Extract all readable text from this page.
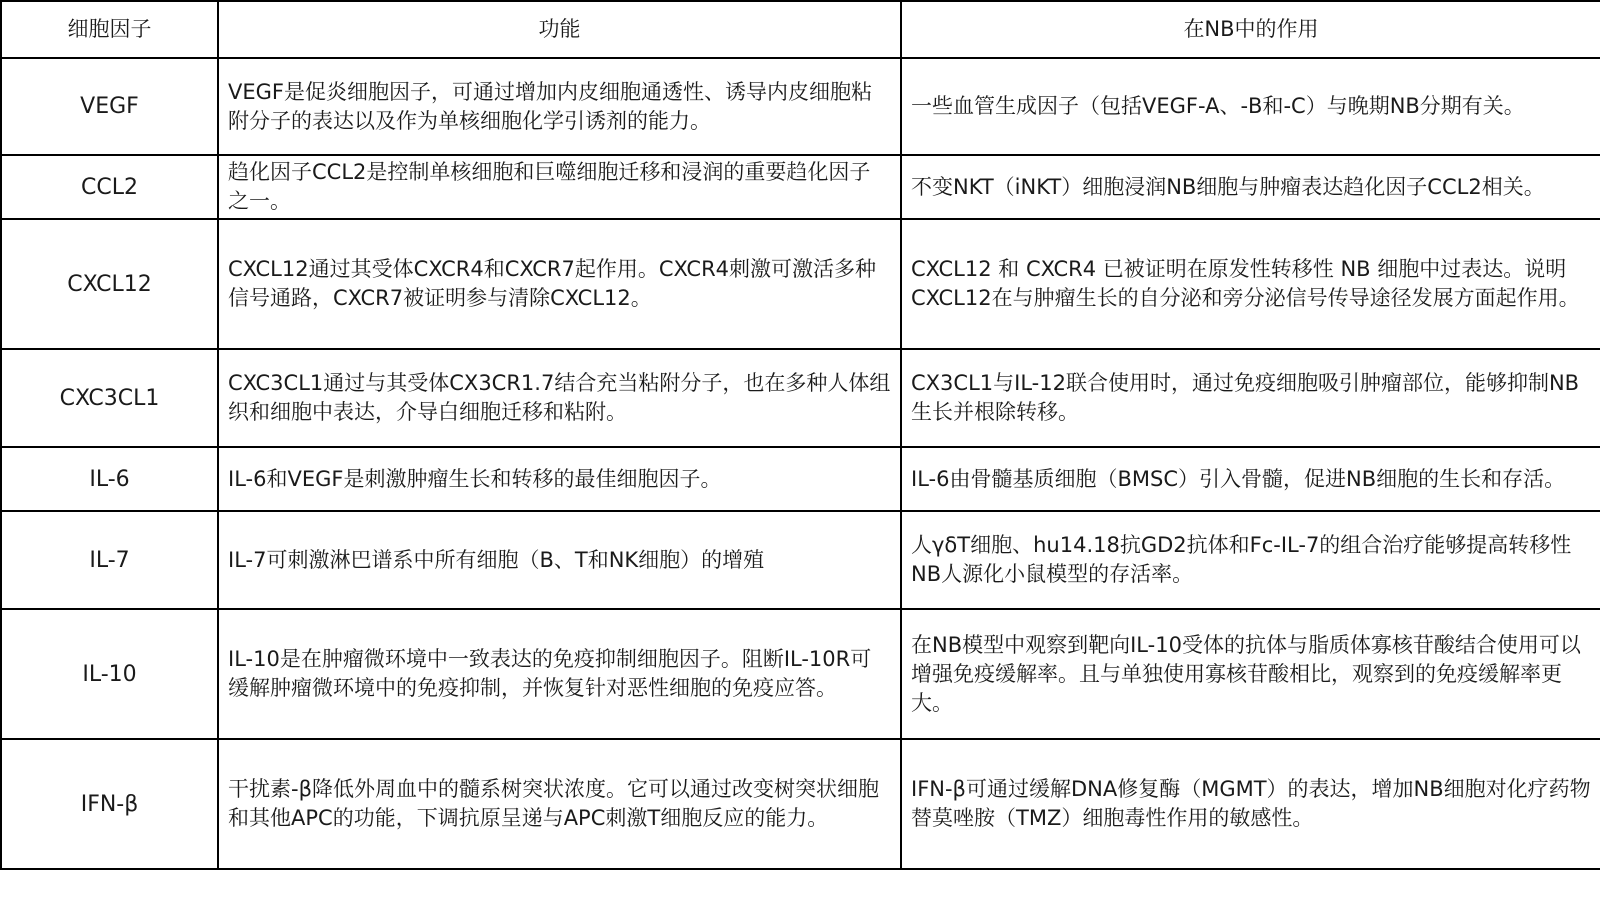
细胞因子	功能	在NB中的作用
VEGF	VEGF是促炎细胞因子，可通过增加内皮细胞通透性、诱导内皮细胞粘附分子的表达以及作为单核细胞化学引诱剂的能力。	一些血管生成因子（包括VEGF-A、-B和-C）与晚期NB分期有关。
CCL2	趋化因子CCL2是控制单核细胞和巨噬细胞迁移和浸润的重要趋化因子之一。	不变NKT（iNKT）细胞浸润NB细胞与肿瘤表达趋化因子CCL2相关。
CXCL12	CXCL12通过其受体CXCR4和CXCR7起作用。CXCR4刺激可激活多种信号通路，CXCR7被证明参与清除CXCL12。	CXCL12 和 CXCR4 已被证明在原发性转移性 NB 细胞中过表达。说明CXCL12在与肿瘤生长的自分泌和旁分泌信号传导途径发展方面起作用。
CXC3CL1	CXC3CL1通过与其受体CX3CR1.7结合充当粘附分子，也在多种人体组织和细胞中表达，介导白细胞迁移和粘附。	CX3CL1与IL-12联合使用时，通过免疫细胞吸引肿瘤部位，能够抑制NB生长并根除转移。
IL-6	IL-6和VEGF是刺激肿瘤生长和转移的最佳细胞因子。	IL-6由骨髓基质细胞（BMSC）引入骨髓，促进NB细胞的生长和存活。
IL-7	IL-7可刺激淋巴谱系中所有细胞（B、T和NK细胞）的增殖	人γδT细胞、hu14.18抗GD2抗体和Fc-IL-7的组合治疗能够提高转移性NB人源化小鼠模型的存活率。
IL-10	IL-10是在肿瘤微环境中一致表达的免疫抑制细胞因子。阻断IL-10R可缓解肿瘤微环境中的免疫抑制，并恢复针对恶性细胞的免疫应答。	在NB模型中观察到靶向IL-10受体的抗体与脂质体寡核苷酸结合使用可以增强免疫缓解率。且与单独使用寡核苷酸相比，观察到的免疫缓解率更大。
IFN-β	干扰素-β降低外周血中的髓系树突状浓度。它可以通过改变树突状细胞和其他APC的功能，下调抗原呈递与APC刺激T细胞反应的能力。	IFN-β可通过缓解DNA修复酶（MGMT）的表达，增加NB细胞对化疗药物替莫唑胺（TMZ）细胞毒性作用的敏感性。
